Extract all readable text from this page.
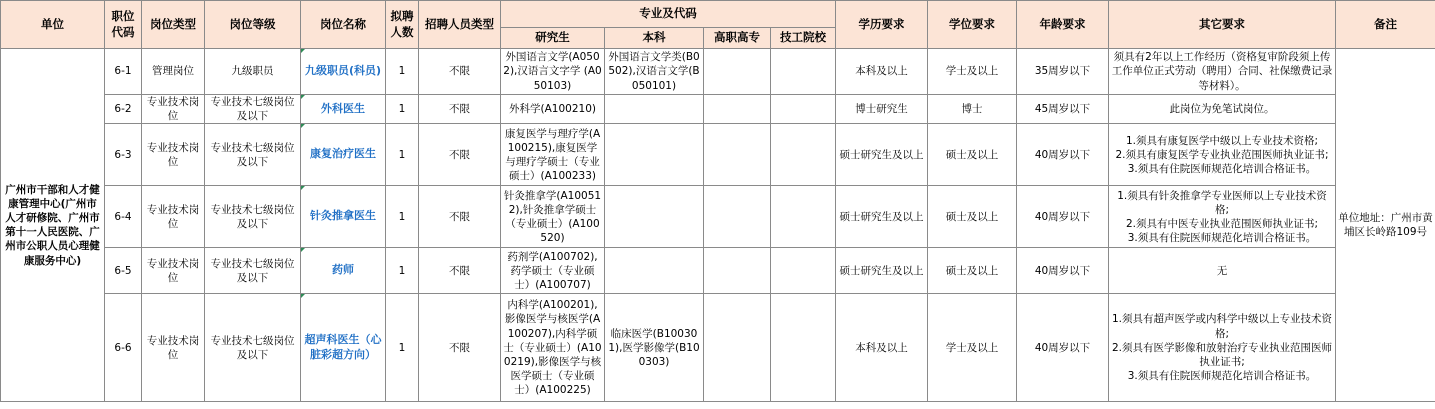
单位	职位代码	岗位类型	岗位等级	岗位名称	拟聘人数	招聘人员类型	专业及代码				学历要求	学位要求	年龄要求	其它要求	备注
							研究生	本科	高职高专	技工院校					
广州市干部和人才健康管理中心(广州市人才研修院、广州市第十一人民医院、广州市公职人员心理健康服务中心)	6-1	管理岗位	九级职员	九级职员(科员)	1	不限	外国语言文学(A0502),汉语言文字学 (A050103)	外国语言文学类(B0502),汉语言文学(B050101)			本科及以上	学士及以上	35周岁以下	须具有2年以上工作经历（资格复审阶段须上传工作单位正式劳动（聘用）合同、社保缴费记录等材料）。	单位地址：广州市黄埔区长岭路109号
	6-2	专业技术岗位	专业技术七级岗位及以下	外科医生	1	不限	外科学(A100210)				博士研究生	博士	45周岁以下	此岗位为免笔试岗位。	
	6-3	专业技术岗位	专业技术七级岗位及以下	康复治疗医生	1	不限	康复医学与理疗学(A100215),康复医学与理疗学硕士（专业硕士）(A100233)				硕士研究生及以上	硕士及以上	40周岁以下	1.须具有康复医学中级以上专业技术资格;
2.须具有康复医学专业执业范围医师执业证书;
3.须具有住院医师规范化培训合格证书。	
	6-4	专业技术岗位	专业技术七级岗位及以下	针灸推拿医生	1	不限	针灸推拿学(A100512),针灸推拿学硕士（专业硕士）(A100520)				硕士研究生及以上	硕士及以上	40周岁以下	1.须具有针灸推拿学专业医师以上专业技术资格;
2.须具有中医专业执业范围医师执业证书;
3.须具有住院医师规范化培训合格证书。	
	6-5	专业技术岗位	专业技术七级岗位及以下	药师	1	不限	药剂学(A100702),药学硕士（专业硕士）(A100707)				硕士研究生及以上	硕士及以上	40周岁以下	无	
	6-6	专业技术岗位	专业技术七级岗位及以下	超声科医生（心脏彩超方向）	1	不限	内科学(A100201),影像医学与核医学(A100207),内科学硕士（专业硕士）(A100219),影像医学与核医学硕士（专业硕士）(A100225)	临床医学(B100301),医学影像学(B100303)			本科及以上	学士及以上	40周岁以下	1.须具有超声医学或内科学中级以上专业技术资格;
2.须具有医学影像和放射治疗专业执业范围医师执业证书;
3.须具有住院医师规范化培训合格证书。	
